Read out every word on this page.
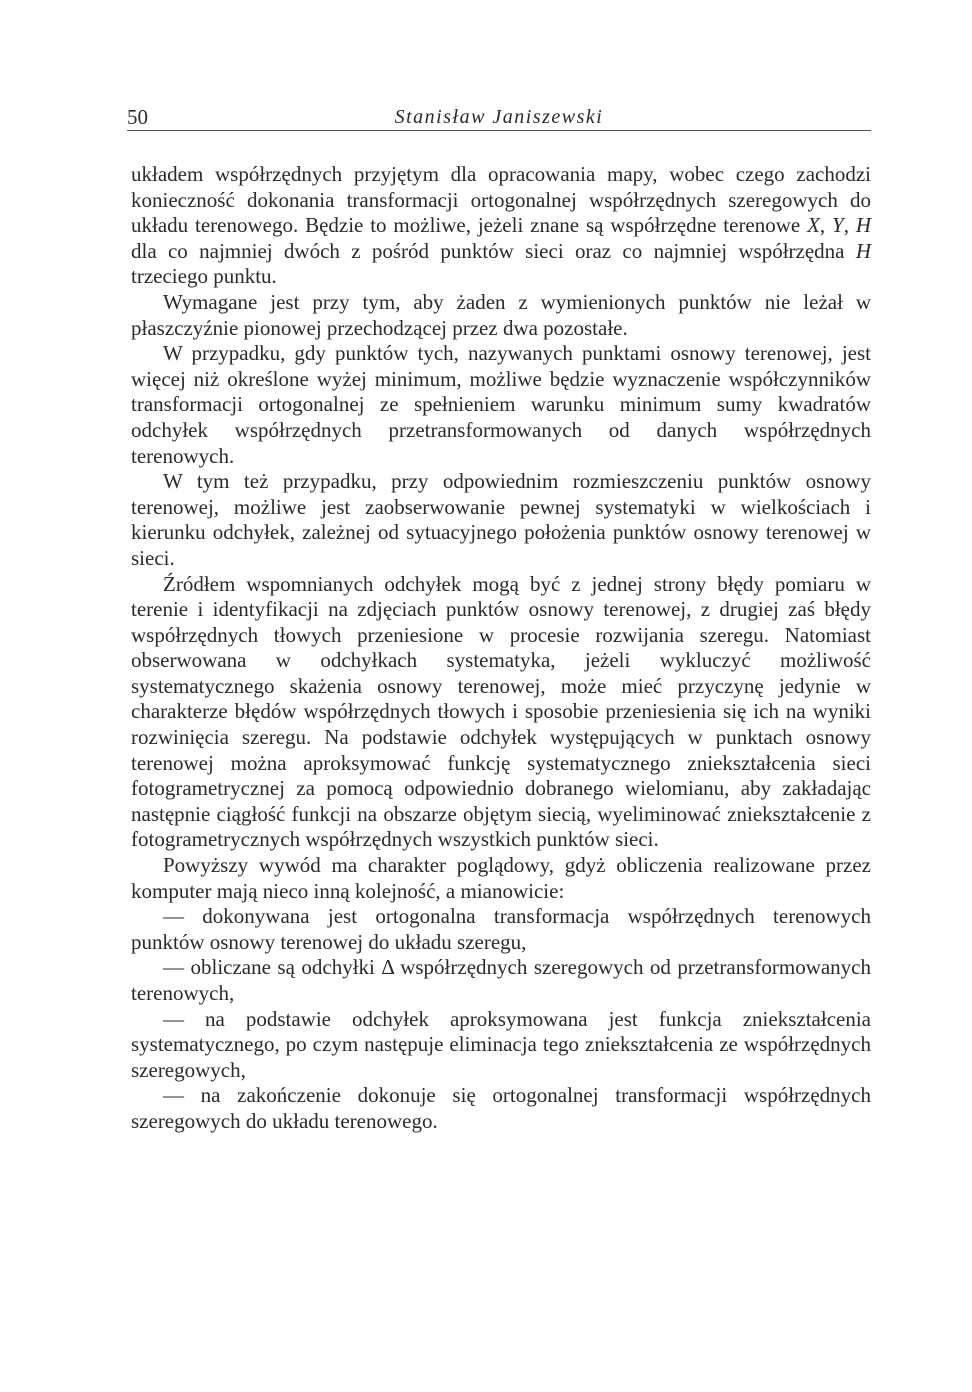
50	Stanisław Janiszewski

układem współrzędnych przyjętym dla opracowania mapy, wobec czego zachodzi konieczność dokonania transformacji ortogonalnej współrzędnych szeregowych do układu terenowego. Będzie to możliwe, jeżeli znane są współrzędne terenowe X, Y, H dla co najmniej dwóch z pośród punktów sieci oraz co najmniej współrzędna H trzeciego punktu.

Wymagane jest przy tym, aby żaden z wymienionych punktów nie leżał w płaszczyźnie pionowej przechodzącej przez dwa pozostałe.

W przypadku, gdy punktów tych, nazywanych punktami osnowy terenowej, jest więcej niż określone wyżej minimum, możliwe będzie wyznaczenie współczynników transformacji ortogonalnej ze spełnieniem warunku minimum sumy kwadratów odchyłek współrzędnych przetransformowanych od danych współrzędnych terenowych.

W tym też przypadku, przy odpowiednim rozmieszczeniu punktów osnowy terenowej, możliwe jest zaobserwowanie pewnej systematyki w wielkościach i kierunku odchyłek, zależnej od sytuacyjnego położenia punktów osnowy terenowej w sieci.

Źródłem wspomnianych odchyłek mogą być z jednej strony błędy pomiaru w terenie i identyfikacji na zdjęciach punktów osnowy terenowej, z drugiej zaś błędy współrzędnych tłowych przeniesione w procesie rozwijania szeregu. Natomiast obserwowana w odchyłkach systematyka, jeżeli wykluczyć możliwość systematycznego skażenia osnowy terenowej, może mieć przyczynę jedynie w charakterze błędów współrzędnych tłowych i sposobie przeniesienia się ich na wyniki rozwinięcia szeregu. Na podstawie odchyłek występujących w punktach osnowy terenowej można aproksymować funkcję systematycznego zniekształcenia sieci fotogrametrycznej za pomocą odpowiednio dobranego wielomianu, aby zakładając następnie ciągłość funkcji na obszarze objętym siecią, wyeliminować zniekształcenie z fotogrametrycznych współrzędnych wszystkich punktów sieci.

Powyższy wywód ma charakter poglądowy, gdyż obliczenia realizowane przez komputer mają nieco inną kolejność, a mianowicie:

— dokonywana jest ortogonalna transformacja współrzędnych terenowych punktów osnowy terenowej do układu szeregu,

— obliczane są odchyłki Δ współrzędnych szeregowych od przetransformowanych terenowych,

— na podstawie odchyłek aproksymowana jest funkcja zniekształcenia systematycznego, po czym następuje eliminacja tego zniekształcenia ze współrzędnych szeregowych,

— na zakończenie dokonuje się ortogonalnej transformacji współrzędnych szeregowych do układu terenowego.
